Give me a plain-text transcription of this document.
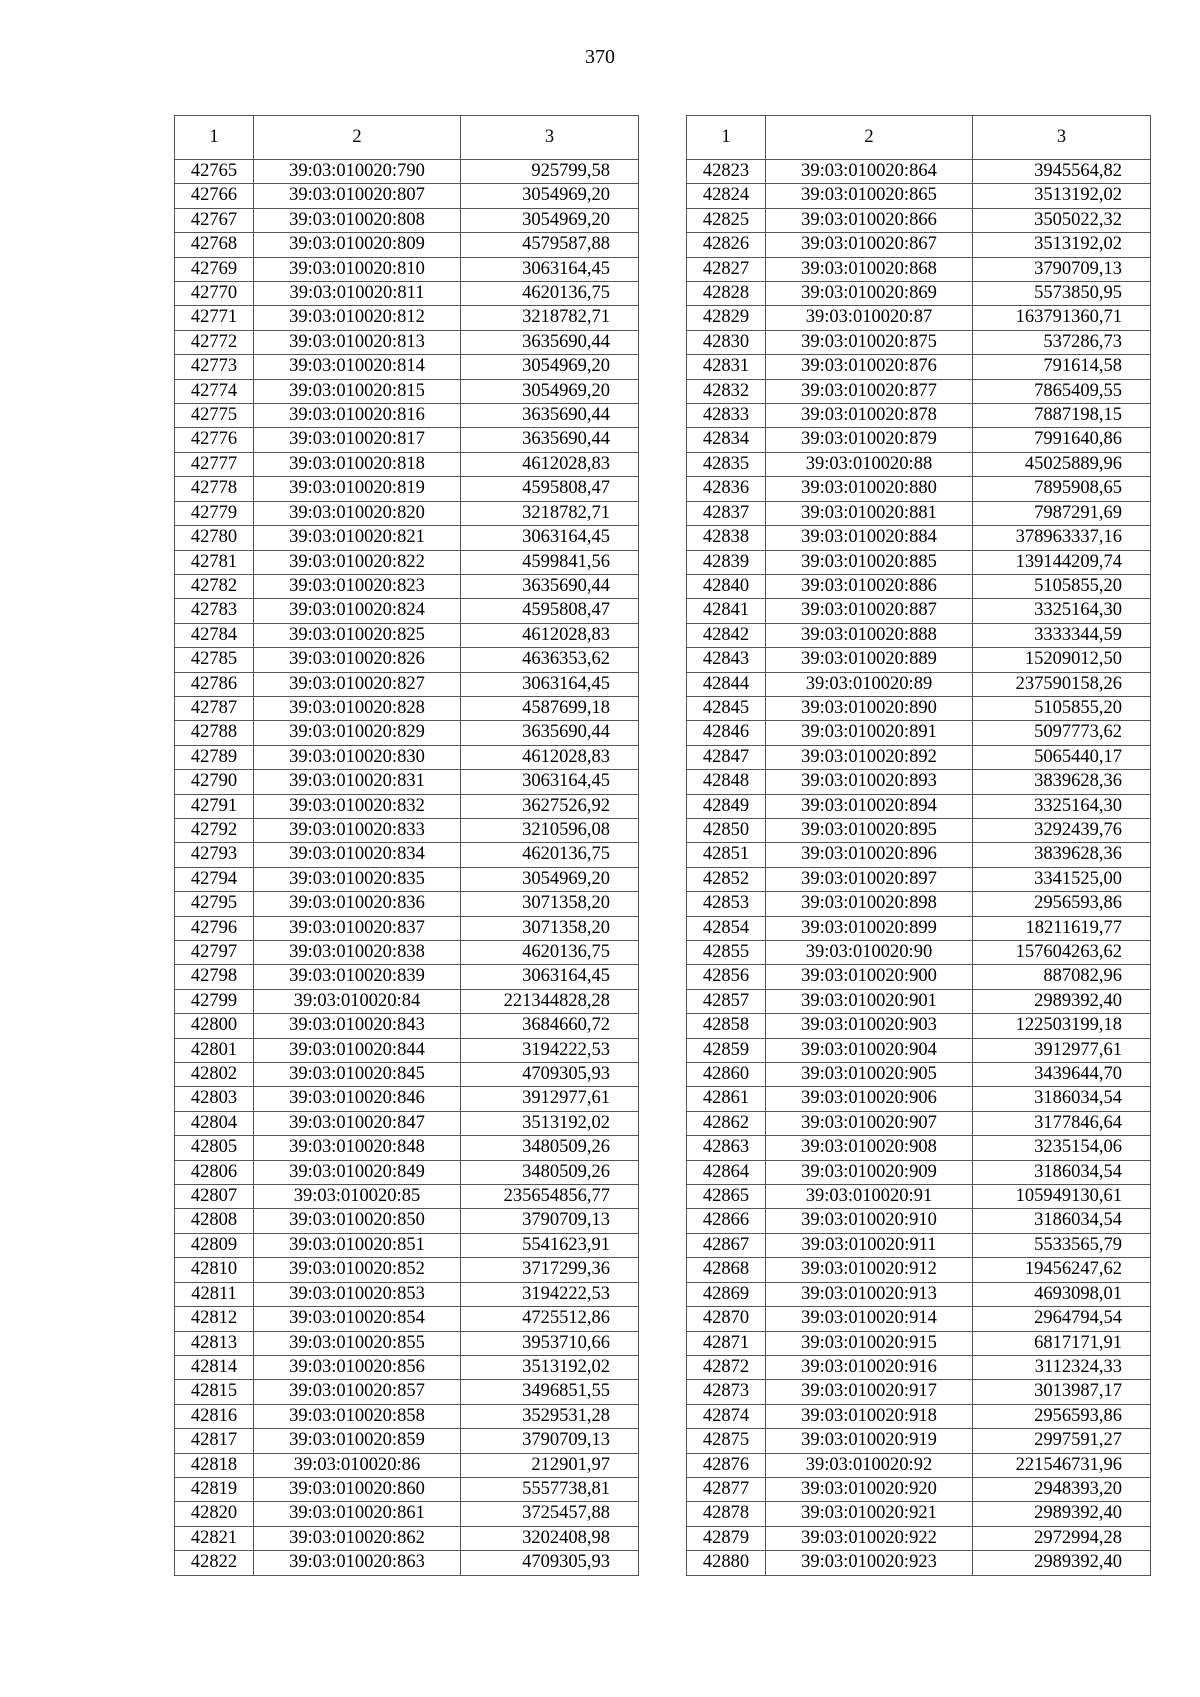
370
1	2	3
42765	39:03:010020:790	925799,58
42766	39:03:010020:807	3054969,20
42767	39:03:010020:808	3054969,20
42768	39:03:010020:809	4579587,88
42769	39:03:010020:810	3063164,45
42770	39:03:010020:811	4620136,75
42771	39:03:010020:812	3218782,71
42772	39:03:010020:813	3635690,44
42773	39:03:010020:814	3054969,20
42774	39:03:010020:815	3054969,20
42775	39:03:010020:816	3635690,44
42776	39:03:010020:817	3635690,44
42777	39:03:010020:818	4612028,83
42778	39:03:010020:819	4595808,47
42779	39:03:010020:820	3218782,71
42780	39:03:010020:821	3063164,45
42781	39:03:010020:822	4599841,56
42782	39:03:010020:823	3635690,44
42783	39:03:010020:824	4595808,47
42784	39:03:010020:825	4612028,83
42785	39:03:010020:826	4636353,62
42786	39:03:010020:827	3063164,45
42787	39:03:010020:828	4587699,18
42788	39:03:010020:829	3635690,44
42789	39:03:010020:830	4612028,83
42790	39:03:010020:831	3063164,45
42791	39:03:010020:832	3627526,92
42792	39:03:010020:833	3210596,08
42793	39:03:010020:834	4620136,75
42794	39:03:010020:835	3054969,20
42795	39:03:010020:836	3071358,20
42796	39:03:010020:837	3071358,20
42797	39:03:010020:838	4620136,75
42798	39:03:010020:839	3063164,45
42799	39:03:010020:84	221344828,28
42800	39:03:010020:843	3684660,72
42801	39:03:010020:844	3194222,53
42802	39:03:010020:845	4709305,93
42803	39:03:010020:846	3912977,61
42804	39:03:010020:847	3513192,02
42805	39:03:010020:848	3480509,26
42806	39:03:010020:849	3480509,26
42807	39:03:010020:85	235654856,77
42808	39:03:010020:850	3790709,13
42809	39:03:010020:851	5541623,91
42810	39:03:010020:852	3717299,36
42811	39:03:010020:853	3194222,53
42812	39:03:010020:854	4725512,86
42813	39:03:010020:855	3953710,66
42814	39:03:010020:856	3513192,02
42815	39:03:010020:857	3496851,55
42816	39:03:010020:858	3529531,28
42817	39:03:010020:859	3790709,13
42818	39:03:010020:86	212901,97
42819	39:03:010020:860	5557738,81
42820	39:03:010020:861	3725457,88
42821	39:03:010020:862	3202408,98
42822	39:03:010020:863	4709305,93
1	2	3
42823	39:03:010020:864	3945564,82
42824	39:03:010020:865	3513192,02
42825	39:03:010020:866	3505022,32
42826	39:03:010020:867	3513192,02
42827	39:03:010020:868	3790709,13
42828	39:03:010020:869	5573850,95
42829	39:03:010020:87	163791360,71
42830	39:03:010020:875	537286,73
42831	39:03:010020:876	791614,58
42832	39:03:010020:877	7865409,55
42833	39:03:010020:878	7887198,15
42834	39:03:010020:879	7991640,86
42835	39:03:010020:88	45025889,96
42836	39:03:010020:880	7895908,65
42837	39:03:010020:881	7987291,69
42838	39:03:010020:884	378963337,16
42839	39:03:010020:885	139144209,74
42840	39:03:010020:886	5105855,20
42841	39:03:010020:887	3325164,30
42842	39:03:010020:888	3333344,59
42843	39:03:010020:889	15209012,50
42844	39:03:010020:89	237590158,26
42845	39:03:010020:890	5105855,20
42846	39:03:010020:891	5097773,62
42847	39:03:010020:892	5065440,17
42848	39:03:010020:893	3839628,36
42849	39:03:010020:894	3325164,30
42850	39:03:010020:895	3292439,76
42851	39:03:010020:896	3839628,36
42852	39:03:010020:897	3341525,00
42853	39:03:010020:898	2956593,86
42854	39:03:010020:899	18211619,77
42855	39:03:010020:90	157604263,62
42856	39:03:010020:900	887082,96
42857	39:03:010020:901	2989392,40
42858	39:03:010020:903	122503199,18
42859	39:03:010020:904	3912977,61
42860	39:03:010020:905	3439644,70
42861	39:03:010020:906	3186034,54
42862	39:03:010020:907	3177846,64
42863	39:03:010020:908	3235154,06
42864	39:03:010020:909	3186034,54
42865	39:03:010020:91	105949130,61
42866	39:03:010020:910	3186034,54
42867	39:03:010020:911	5533565,79
42868	39:03:010020:912	19456247,62
42869	39:03:010020:913	4693098,01
42870	39:03:010020:914	2964794,54
42871	39:03:010020:915	6817171,91
42872	39:03:010020:916	3112324,33
42873	39:03:010020:917	3013987,17
42874	39:03:010020:918	2956593,86
42875	39:03:010020:919	2997591,27
42876	39:03:010020:92	221546731,96
42877	39:03:010020:920	2948393,20
42878	39:03:010020:921	2989392,40
42879	39:03:010020:922	2972994,28
42880	39:03:010020:923	2989392,40
